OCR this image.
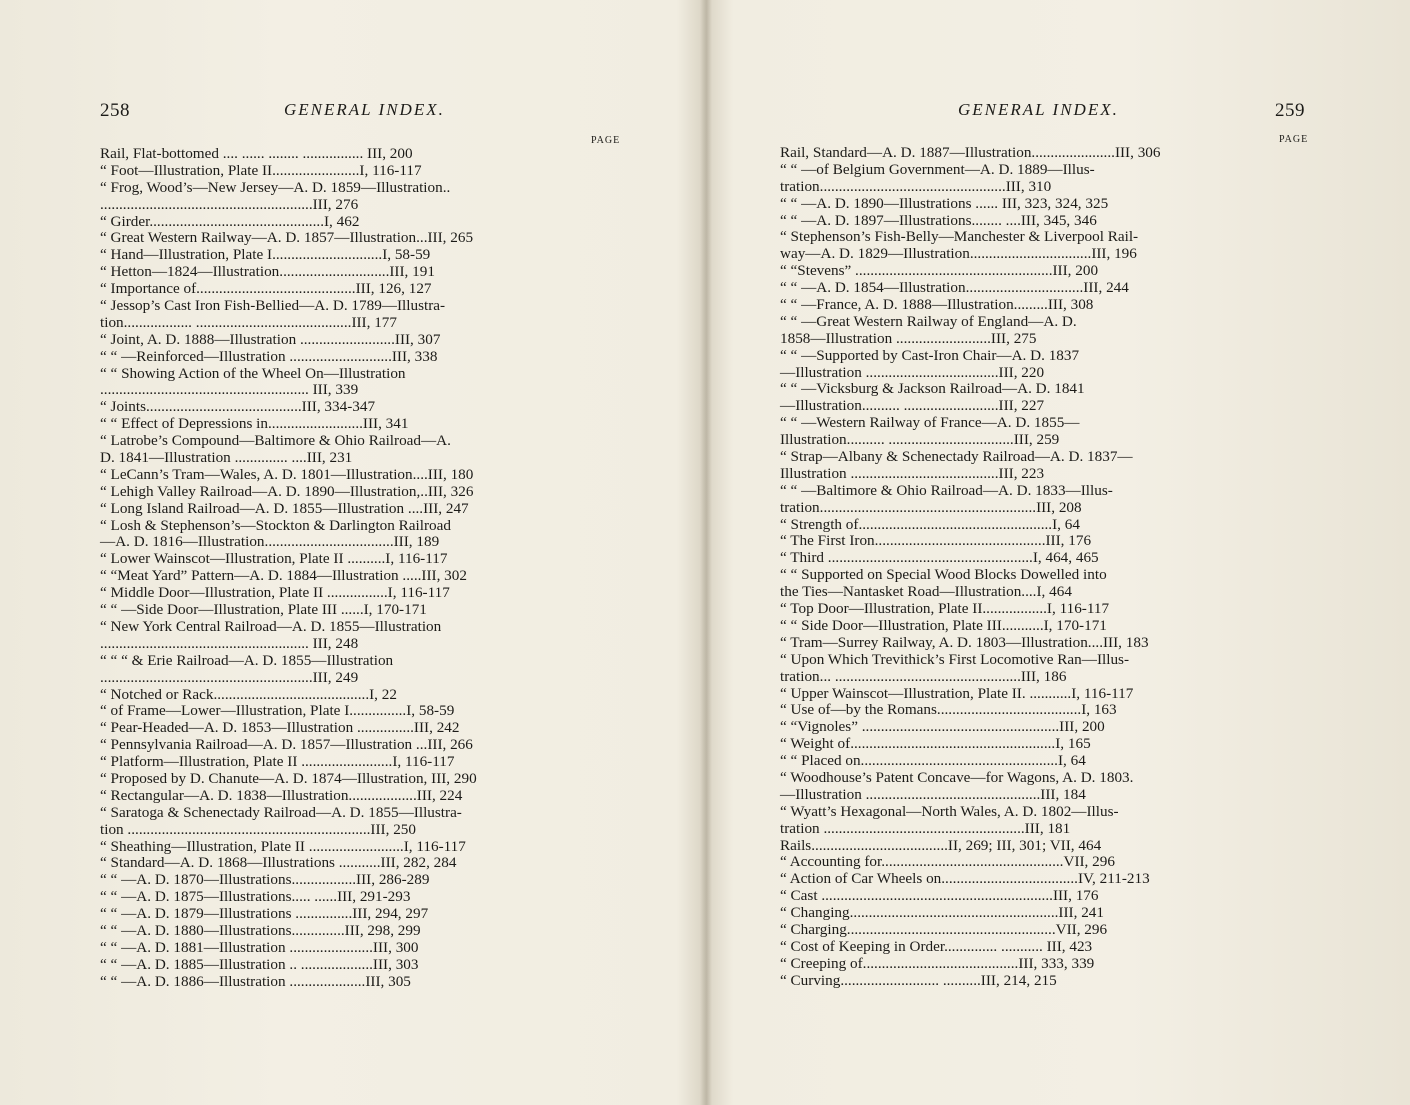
258	GENERAL INDEX.
PAGE
Rail, Flat-bottomed .... ...... ........ ................ III, 200
“ Foot—Illustration, Plate II.......................I, 116-117
“ Frog, Wood’s—New Jersey—A. D. 1859—Illustration..
........................................................III, 276
“ Girder..............................................I, 462
“ Great Western Railway—A. D. 1857—Illustration...III, 265
“ Hand—Illustration, Plate I.............................I, 58-59
“ Hetton—1824—Illustration.............................III, 191
“ Importance of..........................................III, 126, 127
“ Jessop’s Cast Iron Fish-Bellied—A. D. 1789—Illustra-
tion.................. .........................................III, 177
“ Joint, A. D. 1888—Illustration .........................III, 307
“ “ —Reinforced—Illustration ...........................III, 338
“ “ Showing Action of the Wheel On—Illustration
....................................................... III, 339
“ Joints.........................................III, 334-347
“ “ Effect of Depressions in.........................III, 341
“ Latrobe’s Compound—Baltimore & Ohio Railroad—A.
D. 1841—Illustration .............. ....III, 231
“ LeCann’s Tram—Wales, A. D. 1801—Illustration....III, 180
“ Lehigh Valley Railroad—A. D. 1890—Illustration,..III, 326
“ Long Island Railroad—A. D. 1855—Illustration ....III, 247
“ Losh & Stephenson’s—Stockton & Darlington Railroad
—A. D. 1816—Illustration..................................III, 189
“ Lower Wainscot—Illustration, Plate II ..........I, 116-117
“ “Meat Yard” Pattern—A. D. 1884—Illustration .....III, 302
“ Middle Door—Illustration, Plate II ................I, 116-117
“ “ —Side Door—Illustration, Plate III ......I, 170-171
“ New York Central Railroad—A. D. 1855—Illustration
....................................................... III, 248
“ “ “ & Erie Railroad—A. D. 1855—Illustration
........................................................III, 249
“ Notched or Rack.........................................I, 22
“ of Frame—Lower—Illustration, Plate I...............I, 58-59
“ Pear-Headed—A. D. 1853—Illustration ...............III, 242
“ Pennsylvania Railroad—A. D. 1857—Illustration ...III, 266
“ Platform—Illustration, Plate II ........................I, 116-117
“ Proposed by D. Chanute—A. D. 1874—Illustration, III, 290
“ Rectangular—A. D. 1838—Illustration..................III, 224
“ Saratoga & Schenectady Railroad—A. D. 1855—Illustra-
tion ................................................................III, 250
“ Sheathing—Illustration, Plate II .........................I, 116-117
“ Standard—A. D. 1868—Illustrations ...........III, 282, 284
“ “ —A. D. 1870—Illustrations.................III, 286-289
“ “ —A. D. 1875—Illustrations..... ......III, 291-293
“ “ —A. D. 1879—Illustrations ...............III, 294, 297
“ “ —A. D. 1880—Illustrations..............III, 298, 299
“ “ —A. D. 1881—Illustration ......................III, 300
“ “ —A. D. 1885—Illustration .. ...................III, 303
“ “ —A. D. 1886—Illustration ....................III, 305
GENERAL INDEX.	259
PAGE
Rail, Standard—A. D. 1887—Illustration......................III, 306
“ “ —of Belgium Government—A. D. 1889—Illus-
tration.................................................III, 310
“ “ —A. D. 1890—Illustrations ...... III, 323, 324, 325
“ “ —A. D. 1897—Illustrations........ ....III, 345, 346
“ Stephenson’s Fish-Belly—Manchester & Liverpool Rail-
way—A. D. 1829—Illustration................................III, 196
“ “Stevens” ....................................................III, 200
“ “ —A. D. 1854—Illustration...............................III, 244
“ “ —France, A. D. 1888—Illustration.........III, 308
“ “ —Great Western Railway of England—A. D.
1858—Illustration .........................III, 275
“ “ —Supported by Cast-Iron Chair—A. D. 1837
—Illustration ...................................III, 220
“ “ —Vicksburg & Jackson Railroad—A. D. 1841
—Illustration.......... .........................III, 227
“ “ —Western Railway of France—A. D. 1855—
Illustration.......... .................................III, 259
“ Strap—Albany & Schenectady Railroad—A. D. 1837—
Illustration .......................................III, 223
“ “ —Baltimore & Ohio Railroad—A. D. 1833—Illus-
tration.........................................................III, 208
“ Strength of...................................................I, 64
“ The First Iron.............................................III, 176
“ Third ......................................................I, 464, 465
“ “ Supported on Special Wood Blocks Dowelled into
the Ties—Nantasket Road—Illustration....I, 464
“ Top Door—Illustration, Plate II.................I, 116-117
“ “ Side Door—Illustration, Plate III...........I, 170-171
“ Tram—Surrey Railway, A. D. 1803—Illustration....III, 183
“ Upon Which Trevithick’s First Locomotive Ran—Illus-
tration... .................................................III, 186
“ Upper Wainscot—Illustration, Plate II. ...........I, 116-117
“ Use of—by the Romans......................................I, 163
“ “Vignoles” ....................................................III, 200
“ Weight of......................................................I, 165
“ “ Placed on....................................................I, 64
“ Woodhouse’s Patent Concave—for Wagons, A. D. 1803.
—Illustration ..............................................III, 184
“ Wyatt’s Hexagonal—North Wales, A. D. 1802—Illus-
tration .....................................................III, 181
Rails....................................II, 269; III, 301; VII, 464
“ Accounting for................................................VII, 296
“ Action of Car Wheels on....................................IV, 211-213
“ Cast .............................................................III, 176
“ Changing.......................................................III, 241
“ Charging.......................................................VII, 296
“ Cost of Keeping in Order.............. ........... III, 423
“ Creeping of.........................................III, 333, 339
“ Curving.......................... ..........III, 214, 215
